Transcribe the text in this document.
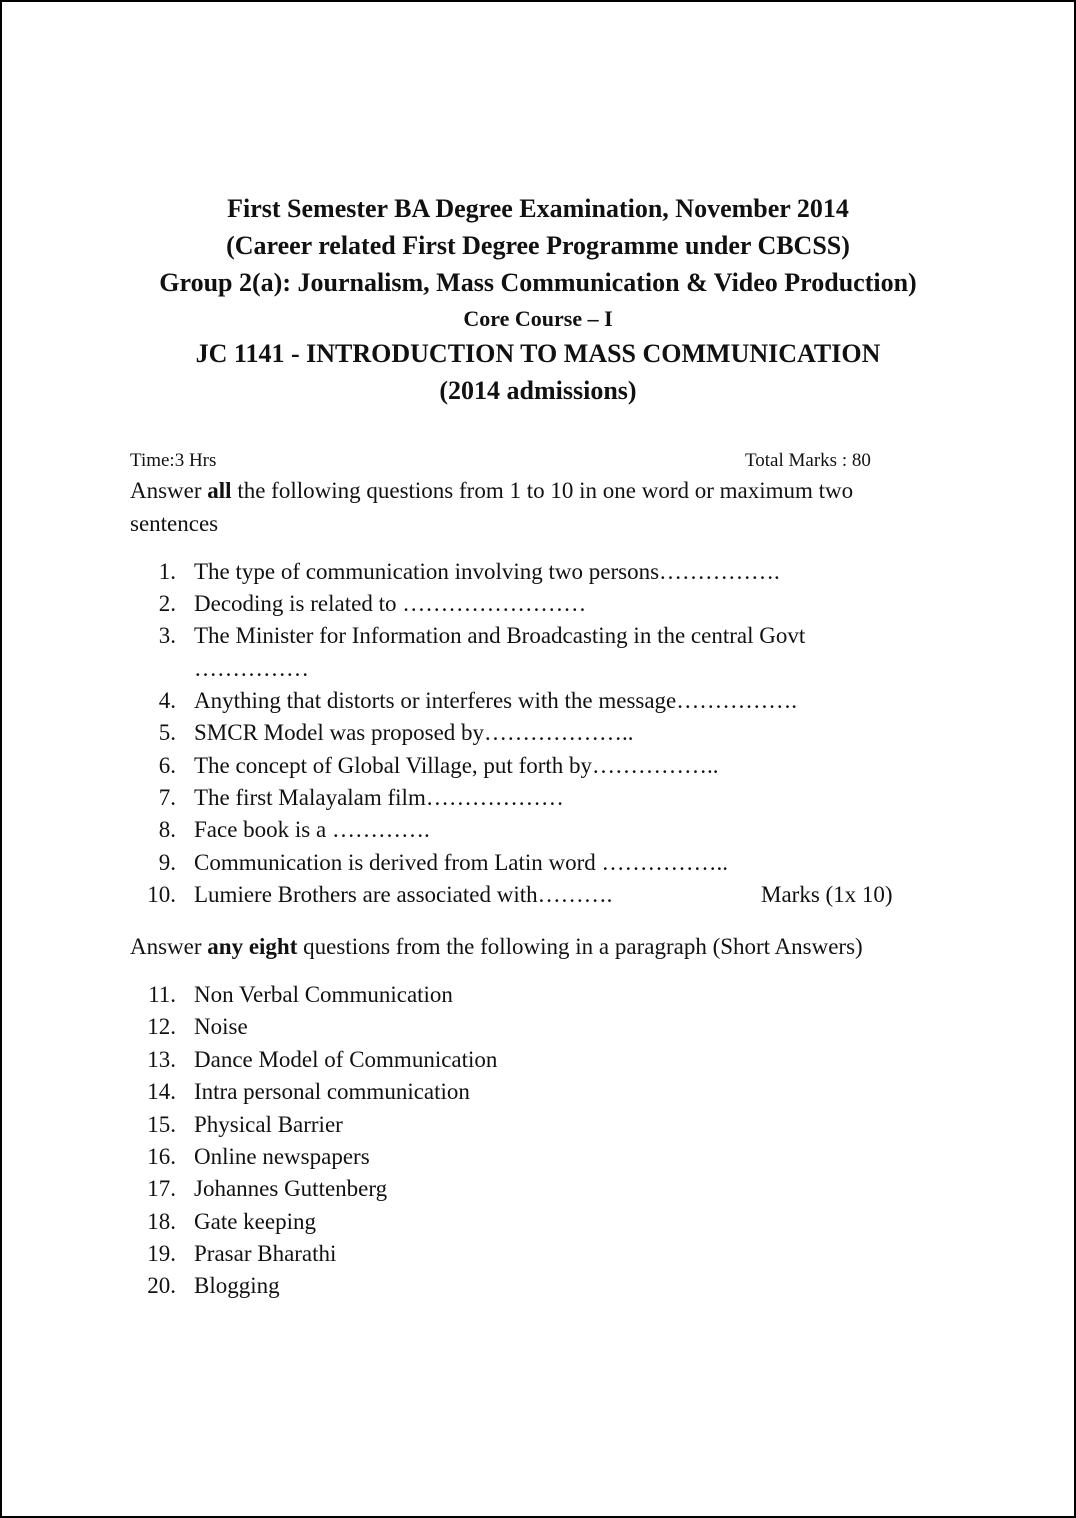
First Semester BA Degree Examination, November 2014
(Career related First Degree Programme under CBCSS)
Group 2(a): Journalism, Mass Communication & Video Production)
Core Course – I
JC 1141 - INTRODUCTION TO MASS COMMUNICATION
(2014 admissions)
Time:3 Hrs	Total Marks : 80
Answer all the following questions from 1 to 10 in one word or maximum two sentences
1. The type of communication involving two persons…………….
2. Decoding is related to ……………………
3. The Minister for Information and Broadcasting in the central Govt
……………
4. Anything that distorts or interferes with the message…………….
5. SMCR Model was proposed by………………..
6. The concept of Global Village, put forth by……………..
7. The first Malayalam film………………
8. Face book is a ………….
9. Communication is derived from Latin word ……………..
10. Lumiere Brothers are associated with……….	Marks (1x 10)
Answer any eight questions from the following in a paragraph (Short Answers)
11. Non Verbal Communication
12. Noise
13. Dance Model of Communication
14. Intra personal communication
15. Physical Barrier
16. Online newspapers
17. Johannes Guttenberg
18. Gate keeping
19. Prasar Bharathi
20. Blogging
